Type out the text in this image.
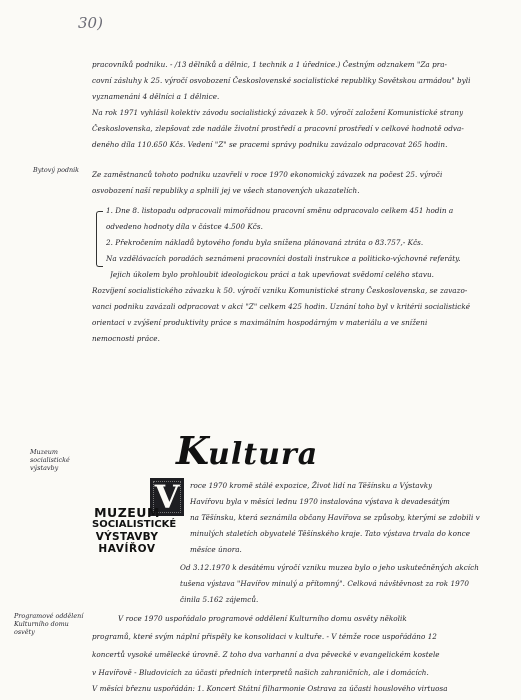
30)
pracovníků podniku. - /13 dělníků a dělnic, 1 technik a 1 úřednice.) Čestným odznakem "Za pra-
covní zásluhy k 25. výročí osvobození Československé socialistické republiky Sovětskou armádou" byli
vyznamenáni 4 dělníci a 1 dělnice.
Na rok 1971 vyhlásil kolektiv závodu socialistický závazek k 50. výročí založení Komunistické strany
Československa, zlepšovat zde nadále životní prostředí a pracovní prostředí v celkové hodnotě odva-
deného díla 110.650 Kčs. Vedení "Z" se pracemi správy podniku zavázalo odpracovat 265 hodin.
Bytový podnik	Ze zaměstnanců tohoto podniku uzavřeli v roce 1970 ekonomický závazek na počest 25. výročí
osvobození naší republiky a splnili jej ve všech stanovených ukazatelích.
1. Dne 8. listopadu odpracovali mimořádnou pracovní směnu odpracovalo celkem 451 hodin a
odvedeno hodnoty díla v částce 4.500 Kčs.
2. Překročením nákladů bytového fondu byla snížena plánovaná ztráta o 83.757,- Kčs.
Na vzdělávacích poradách seznámeni pracovníci dostali instrukce a politicko-výchovné referáty.
Jejich úkolem bylo prohloubit ideologickou práci a tak upevňovat svědomí celého stavu.
Rozvíjení socialistického závazku k 50. výročí vzniku Komunistické strany Československa, se zavazo-
vanci podniku zavázali odpracovat v akci "Z" celkem 425 hodin. Uznání toho byl v kritérii socialistické
orientaci v zvýšení produktivity práce s maximálním hospodárným v materiálu a ve snížení
nemocnosti práce.
Kultura
Muzeum socialistické výstavby
V	roce 1970 kromě stálé expozice, Život lidí na Těšínsku a Výstavky
Havířovu byla v měsíci lednu 1970 instalována výstava k devadesátým
na Těšínsku, která seznámila občany Havířova se způsoby, kterými se zdobili v
minulých staletích obyvatelé Těšínského kraje. Tato výstava trvala do konce
měsíce února.
MUZEUM
SOCIALISTICKÉ
VÝSTAVBY
HAVÍŘOV
Od 3.12.1970 k desátému výročí vzniku muzea bylo o jeho uskutečněných akcích
tušena výstava "Havířov minulý a přítomný". Celková návštěvnost za rok 1970
činila 5.162 zájemců.
Programové oddělení Kulturního domu osvěty
V roce 1970 uspořádalo programové oddělení Kulturního domu osvěty několik
programů, které svým náplní přispěly ke konsolidaci v kultuře. - V témže roce uspořádáno 12
koncertů vysoké umělecké úrovně. Z toho dva varhanní a dva pěvecké v evangelickém kostele
v Havířově - Bludovicích za účasti předních interpretů našich zahraničních, ale i domácích.
V měsíci březnu uspořádán: 1. Koncert Státní filharmonie Ostrava za účasti houslového virtuosa
